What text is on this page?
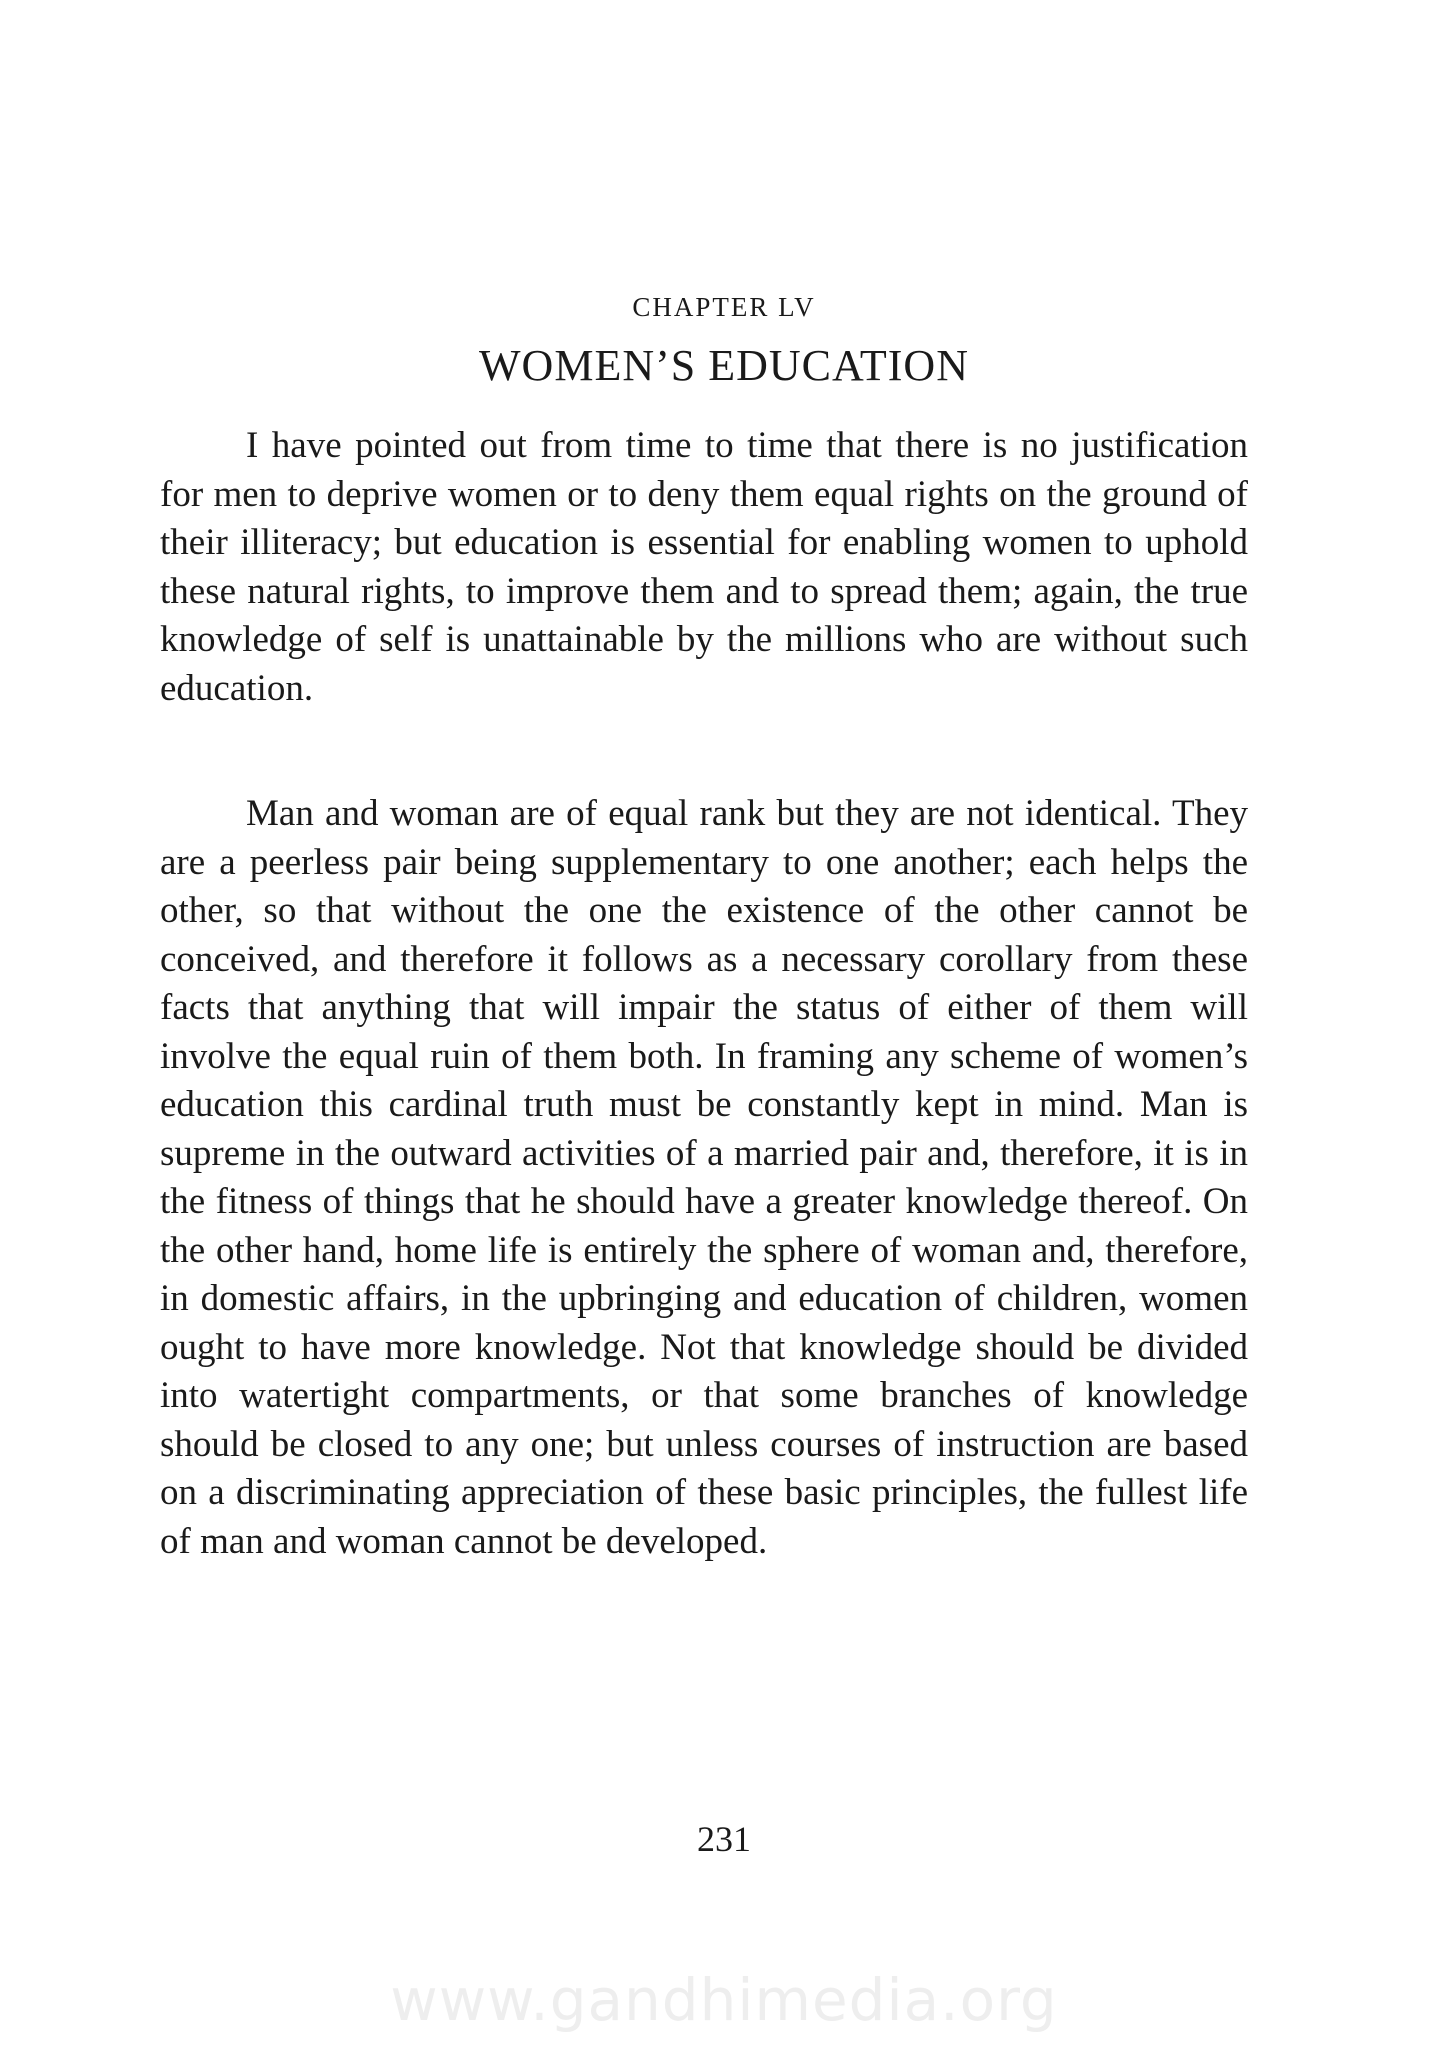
CHAPTER LV
WOMEN’S EDUCATION

I have pointed out from time to time that there is no justification for men to deprive women or to deny them equal rights on the ground of their illiteracy; but education is essential for enabling women to uphold these natural rights, to improve them and to spread them; again, the true knowledge of self is unattainable by the millions who are without such education.

Man and woman are of equal rank but they are not identical. They are a peerless pair being supplementary to one another; each helps the other, so that without the one the existence of the other cannot be conceived, and therefore it follows as a necessary corollary from these facts that anything that will impair the status of either of them will involve the equal ruin of them both. In framing any scheme of women’s education this cardinal truth must be constantly kept in mind. Man is supreme in the outward activities of a married pair and, therefore, it is in the fitness of things that he should have a greater knowledge thereof. On the other hand, home life is entirely the sphere of woman and, therefore, in domestic affairs, in the upbringing and education of children, women ought to have more knowledge. Not that knowledge should be divided into watertight compartments, or that some branches of knowledge should be closed to any one; but unless courses of instruction are based on a discriminating appreciation of these basic principles, the fullest life of man and woman cannot be developed.

231
www.gandhimedia.org
